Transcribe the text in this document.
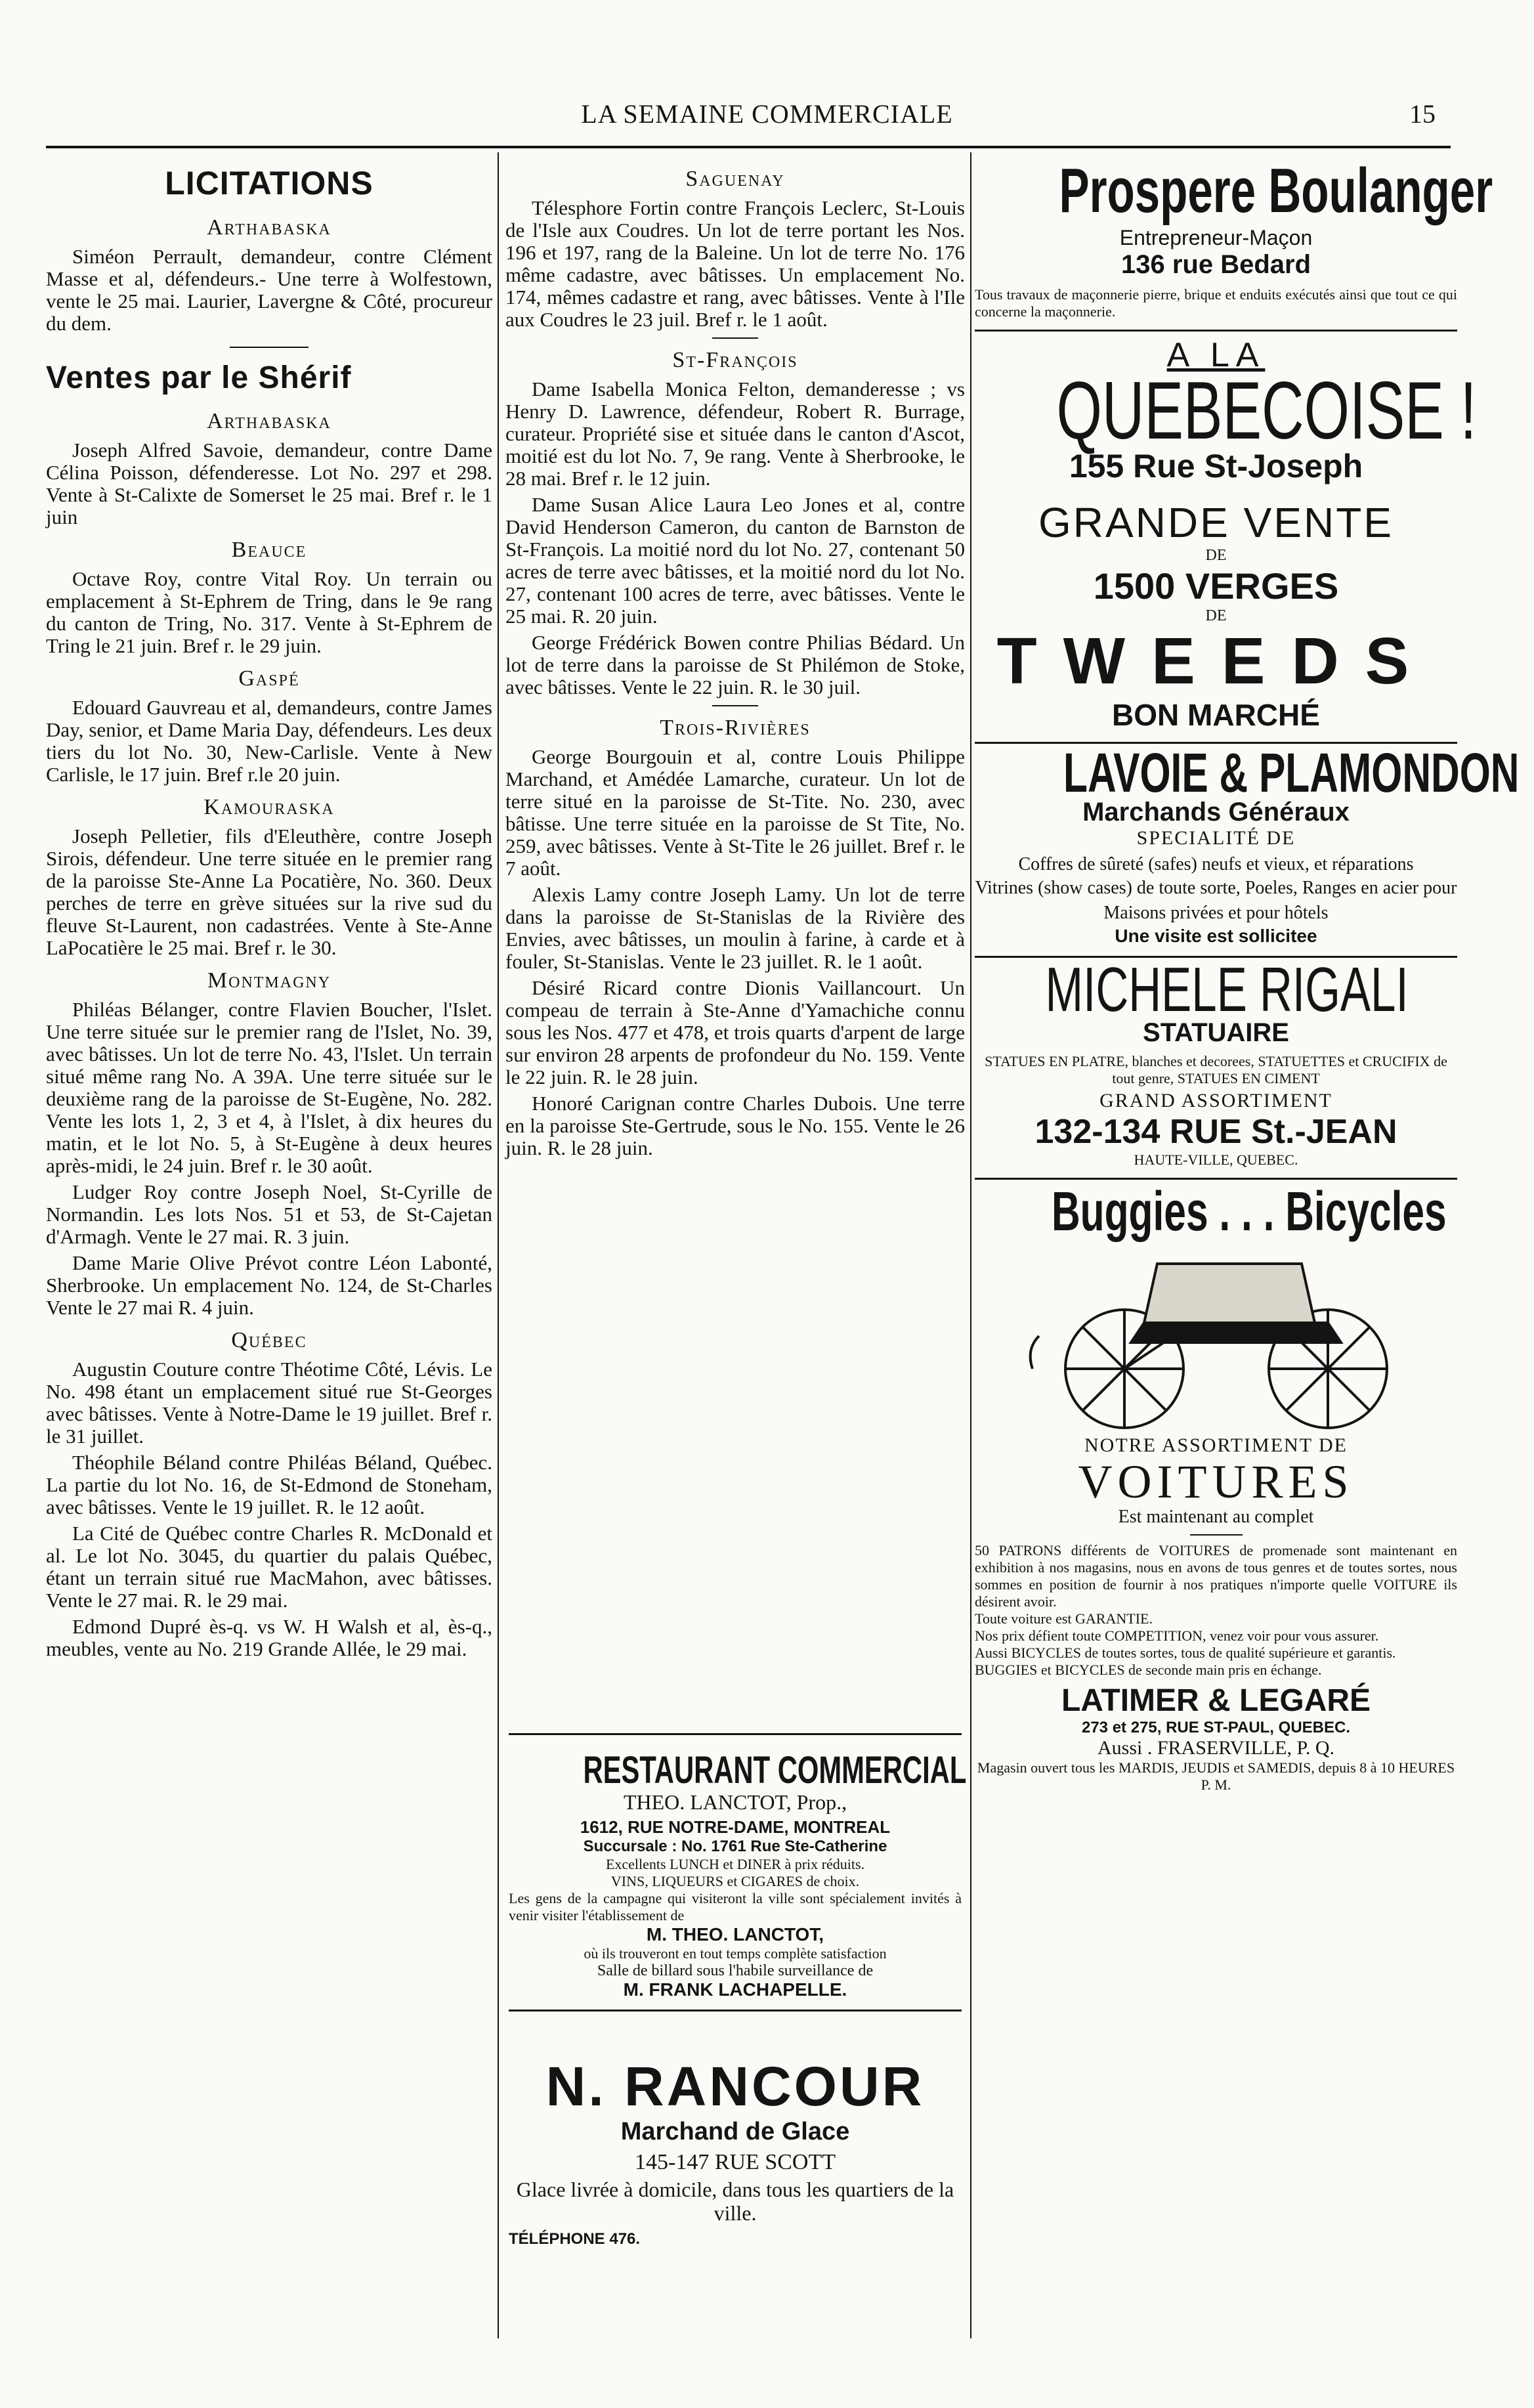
LA SEMAINE COMMERCIALE	15
LICITATIONS
Arthabaska

Siméon Perrault, demandeur, contre Clément Masse et al, défendeurs.- Une terre à Wolfestown, vente le 25 mai. Laurier, Lavergne & Côté, procureur du dem.

Ventes par le Shérif
Arthabaska

Joseph Alfred Savoie, demandeur, contre Dame Célina Poisson, défenderesse. Lot No. 297 et 298. Vente à St-Calixte de Somerset le 25 mai. Bref r. le 1 juin

Beauce

Octave Roy, contre Vital Roy. Un terrain ou emplacement à St-Ephrem de Tring, dans le 9e rang du canton de Tring, No. 317. Vente à St-Ephrem de Tring le 21 juin. Bref r. le 29 juin.

Gaspé

Edouard Gauvreau et al, demandeurs, contre James Day, senior, et Dame Maria Day, défendeurs. Les deux tiers du lot No. 30, New-Carlisle. Vente à New Carlisle, le 17 juin. Bref r.le 20 juin.

Kamouraska

Joseph Pelletier, fils d'Eleuthère, contre Joseph Sirois, défendeur. Une terre située en le premier rang de la paroisse Ste-Anne La Pocatière, No. 360. Deux perches de terre en grève situées sur la rive sud du fleuve St-Laurent, non cadastrées. Vente à Ste-Anne LaPocatière le 25 mai. Bref r. le 30.

Montmagny

Philéas Bélanger, contre Flavien Boucher, l'Islet. Une terre située sur le premier rang de l'Islet, No. 39, avec bâtisses. Un lot de terre No. 43, l'Islet. Un terrain situé même rang No. A 39A. Une terre située sur le deuxième rang de la paroisse de St-Eugène, No. 282. Vente les lots 1, 2, 3 et 4, à l'Islet, à dix heures du matin, et le lot No. 5, à St-Eugène à deux heures après-midi, le 24 juin. Bref r. le 30 août.

Ludger Roy contre Joseph Noel, St-Cyrille de Normandin. Les lots Nos. 51 et 53, de St-Cajetan d'Armagh. Vente le 27 mai. R. 3 juin.

Dame Marie Olive Prévot contre Léon Labonté, Sherbrooke. Un emplacement No. 124, de St-Charles Vente le 27 mai R. 4 juin.

Québec

Augustin Couture contre Théotime Côté, Lévis. Le No. 498 étant un emplacement situé rue St-Georges avec bâtisses. Vente à Notre-Dame le 19 juillet. Bref r. le 31 juillet.

Théophile Béland contre Philéas Béland, Québec. La partie du lot No. 16, de St-Edmond de Stoneham, avec bâtisses. Vente le 19 juillet. R. le 12 août.

La Cité de Québec contre Charles R. McDonald et al. Le lot No. 3045, du quartier du palais Québec, étant un terrain situé rue MacMahon, avec bâtisses. Vente le 27 mai. R. le 29 mai.

Edmond Dupré ès-q. vs W. H Walsh et al, ès-q., meubles, vente au No. 219 Grande Allée, le 29 mai.

Saguenay

Télesphore Fortin contre François Leclerc, St-Louis de l'Isle aux Coudres. Un lot de terre portant les Nos. 196 et 197, rang de la Baleine. Un lot de terre No. 176 même cadastre, avec bâtisses. Un emplacement No. 174, mêmes cadastre et rang, avec bâtisses. Vente à l'Ile aux Coudres le 23 juil. Bref r. le 1 août.

St-François

Dame Isabella Monica Felton, demanderesse ; vs Henry D. Lawrence, défendeur, Robert R. Burrage, curateur. Propriété sise et située dans le canton d'Ascot, moitié est du lot No. 7, 9e rang. Vente à Sherbrooke, le 28 mai. Bref r. le 12 juin.

Dame Susan Alice Laura Leo Jones et al, contre David Henderson Cameron, du canton de Barnston de St-François. La moitié nord du lot No. 27, contenant 50 acres de terre avec bâtisses, et la moitié nord du lot No. 27, contenant 100 acres de terre, avec bâtisses. Vente le 25 mai. R. 20 juin.

George Frédérick Bowen contre Philias Bédard. Un lot de terre dans la paroisse de St Philémon de Stoke, avec bâtisses. Vente le 22 juin. R. le 30 juil.

Trois-Rivières

George Bourgouin et al, contre Louis Philippe Marchand, et Amédée Lamarche, curateur. Un lot de terre situé en la paroisse de St-Tite. No. 230, avec bâtisse. Une terre située en la paroisse de St Tite, No. 259, avec bâtisses. Vente à St-Tite le 26 juillet. Bref r. le 7 août.

Alexis Lamy contre Joseph Lamy. Un lot de terre dans la paroisse de St-Stanislas de la Rivière des Envies, avec bâtisses, un moulin à farine, à carde et à fouler, St-Stanislas. Vente le 23 juillet. R. le 1 août.

Désiré Ricard contre Dionis Vaillancourt. Un compeau de terrain à Ste-Anne d'Yamachiche connu sous les Nos. 477 et 478, et trois quarts d'arpent de large sur environ 28 arpents de profondeur du No. 159. Vente le 22 juin. R. le 28 juin.

Honoré Carignan contre Charles Dubois. Une terre en la paroisse Ste-Gertrude, sous le No. 155. Vente le 26 juin. R. le 28 juin.

RESTAURANT COMMERCIAL
THEO. LANCTOT, Prop.,
1612, RUE NOTRE-DAME, MONTREAL
Succursale : No. 1761 Rue Ste-Catherine
Excellents LUNCH et DINER à prix réduits.
VINS, LIQUEURS et CIGARES de choix.
Les gens de la campagne qui visiteront la ville sont spécialement invités à venir visiter l'établissement de
M. THEO. LANCTOT,
où ils trouveront en tout temps complète satisfaction
Salle de billard sous l'habile surveillance de
M. FRANK LACHAPELLE.
N. RANCOUR
Marchand de Glace
145-147 RUE SCOTT
Glace livrée à domicile, dans tous les quartiers de la ville.
TÉLÉPHONE 476.
Prospere Boulanger
Entrepreneur-Maçon
136 rue Bedard
Tous travaux de maçonnerie pierre, brique et enduits exécutés ainsi que tout ce qui concerne la maçonnerie.
A LA
QUEBECOISE !
155 Rue St-Joseph
GRANDE VENTE
DE
1500 VERGES
DE
TWEEDS
BON MARCHÉ
LAVOIE & PLAMONDON
Marchands Généraux
SPECIALITÉ DE
Coffres de sûreté (safes) neufs et vieux, et réparations
Vitrines (show cases) de toute sorte, Poeles, Ranges en acier pour Maisons privées et pour hôtels
Une visite est sollicitee
MICHELE RIGALI
STATUAIRE
STATUES EN PLATRE, blanches et decorees, STATUETTES et CRUCIFIX de tout genre, STATUES EN CIMENT
GRAND ASSORTIMENT
132-134 RUE St.-JEAN
HAUTE-VILLE, QUEBEC.
Buggies . . . Bicycles
NOTRE ASSORTIMENT DE
VOITURES
Est maintenant au complet
50 PATRONS différents de VOITURES de promenade sont maintenant en exhibition à nos magasins, nous en avons de tous genres et de toutes sortes, nous sommes en position de fournir à nos pratiques n'importe quelle VOITURE ils désirent avoir.
Toute voiture est GARANTIE.
Nos prix défient toute COMPETITION, venez voir pour vous assurer.
Aussi BICYCLES de toutes sortes, tous de qualité supérieure et garantis.
BUGGIES et BICYCLES de seconde main pris en échange.
LATIMER & LEGARÉ
273 et 275, RUE ST-PAUL, QUEBEC.
Aussi . FRASERVILLE, P. Q.
Magasin ouvert tous les MARDIS, JEUDIS et SAMEDIS, depuis 8 à 10 HEURES P. M.
